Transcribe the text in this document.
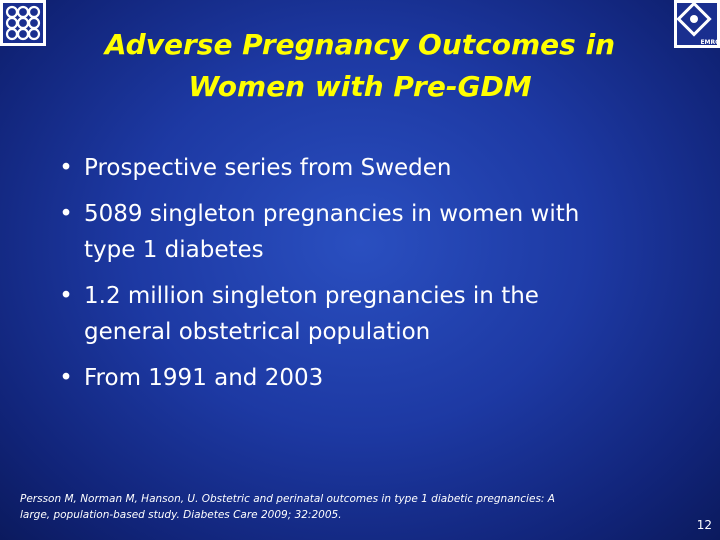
EMRC
Adverse Pregnancy Outcomes in Women with Pre-GDM
• Prospective series from Sweden
• 5089 singleton pregnancies in women with type 1 diabetes
• 1.2 million singleton pregnancies in the general obstetrical population
• From 1991 and 2003
Persson M, Norman M, Hanson, U. Obstetric and perinatal outcomes in type 1 diabetic pregnancies: A large, population-based study. Diabetes Care 2009; 32:2005.
12
